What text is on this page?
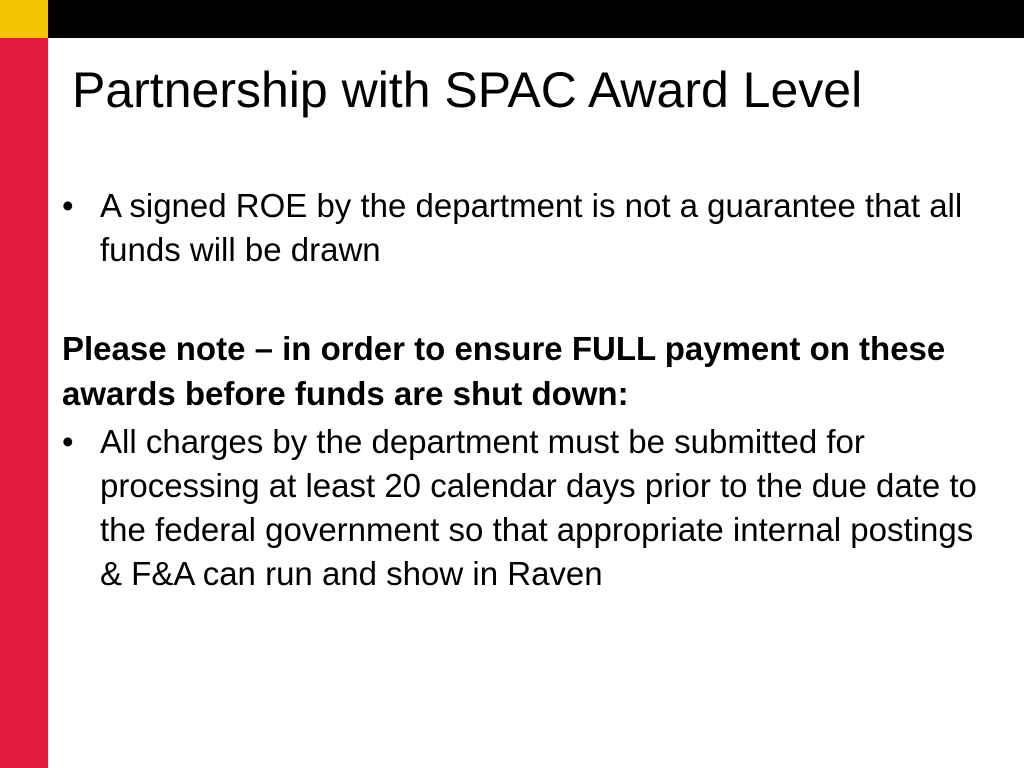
Partnership with SPAC Award Level
• A signed ROE by the department is not a guarantee that all funds will be drawn
Please note – in order to ensure FULL payment on these awards before funds are shut down:
• All charges by the department must be submitted for processing at least 20 calendar days prior to the due date to the federal government so that appropriate internal postings & F&A can run and show in Raven
